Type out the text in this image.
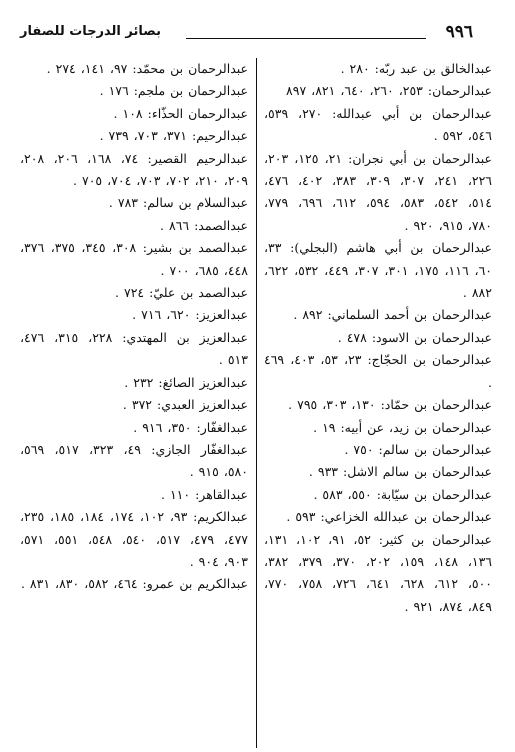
٩٩٦
بصائر الدرجات للصفار

عبدالخالق بن عبد ربّه: ٢٨٠ .

عبدالرحمان: ٢٥٣، ٢٦٠، ٦٤٠، ٨٢١، ٨٩٧

عبدالرحمان بن أبي عبدالله: ٢٧٠، ٥٣٩، ٥٤٦، ٥٩٢ .

عبدالرحمان بن أبي نجران: ٢١، ١٢٥، ٢٠٣، ٢٢٦، ٢٤١، ٣٠٧، ٣٠٩، ٣٨٣، ٤٠٢، ٤٧٦، ٥١٤، ٥٤٢، ٥٨٣، ٥٩٤، ٦١٢، ٦٩٦، ٧٧٩، ٧٨٠، ٩١٥، ٩٢٠ .

عبدالرحمان بن أبي هاشم (البجلي): ٣٣، ٦٠، ١١٦، ١٧٥، ٣٠١، ٣٠٧، ٤٤٩، ٥٣٢، ٦٢٢، ٨٨٢ .

عبدالرحمان بن أحمد السلماني: ٨٩٢ .

عبدالرحمان بن الاسود: ٤٧٨ .

عبدالرحمان بن الحجّاج: ٢٣، ٥٣، ٤٠٣، ٤٦٩ .

عبدالرحمان بن حمّاد: ١٣٠، ٣٠٣، ٧٩٥ .

عبدالرحمان بن زيد، عن أبيه: ١٩ .

عبدالرحمان بن سالم: ٧٥٠ .

عبدالرحمان بن سالم الاشل: ٩٣٣ .

عبدالرحمان بن سيّابة: ٥٥٠، ٥٨٣ .

عبدالرحمان بن عبدالله الخزاعي: ٥٩٣ .

عبدالرحمان بن كثير: ٥٢، ٩١، ١٠٢، ١٣١، ١٣٦، ١٤٨، ١٥٩، ٢٠٢، ٣٧٠، ٣٧٩، ٣٨٢، ٥٠٠، ٦١٢، ٦٢٨، ٦٤١، ٧٢٦، ٧٥٨، ٧٧٠، ٨٤٩، ٨٧٤، ٩٢١ .

عبدالرحمان بن محمّد: ٩٧، ١٤١، ٢٧٤ .

عبدالرحمان بن ملجم: ١٧٦ .

عبدالرحمان الحذّاء: ١٠٨ .

عبدالرحيم: ٣٧١، ٧٠٣، ٧٣٩ .

عبدالرحيم القصير: ٧٤، ١٦٨، ٢٠٦، ٢٠٨، ٢٠٩، ٢١٠، ٧٠٢، ٧٠٣، ٧٠٤، ٧٠٥ .

عبدالسلام بن سالم: ٧٨٣ .

عبدالصمد: ٨٦٦ .

عبدالصمد بن بشير: ٣٠٨، ٣٤٥، ٣٧٥، ٣٧٦، ٤٤٨، ٦٨٥، ٧٠٠ .

عبدالصمد بن عليّ: ٧٢٤ .

عبدالعزيز: ٦٢٠، ٧١٦ .

عبدالعزيز بن المهتدي: ٢٢٨، ٣١٥، ٤٧٦، ٥١٣ .

عبدالعزيز الصائغ: ٢٣٢ .

عبدالعزيز العبدي: ٣٧٢ .

عبدالغفّار: ٣٥٠، ٩١٦ .

عبدالغفّار الجازي: ٤٩، ٣٢٣، ٥١٧، ٥٦٩، ٥٨٠، ٩١٥ .

عبدالقاهر: ١١٠ .

عبدالكريم: ٩٣، ١٠٢، ١٧٤، ١٨٤، ١٨٥، ٢٣٥، ٤٧٧، ٤٧٩، ٥١٧، ٥٤٠، ٥٤٨، ٥٥١، ٥٧١، ٩٠٣، ٩٠٤ .

عبدالكريم بن عمرو: ٤٦٤، ٥٨٢، ٨٣٠، ٨٣١ .
